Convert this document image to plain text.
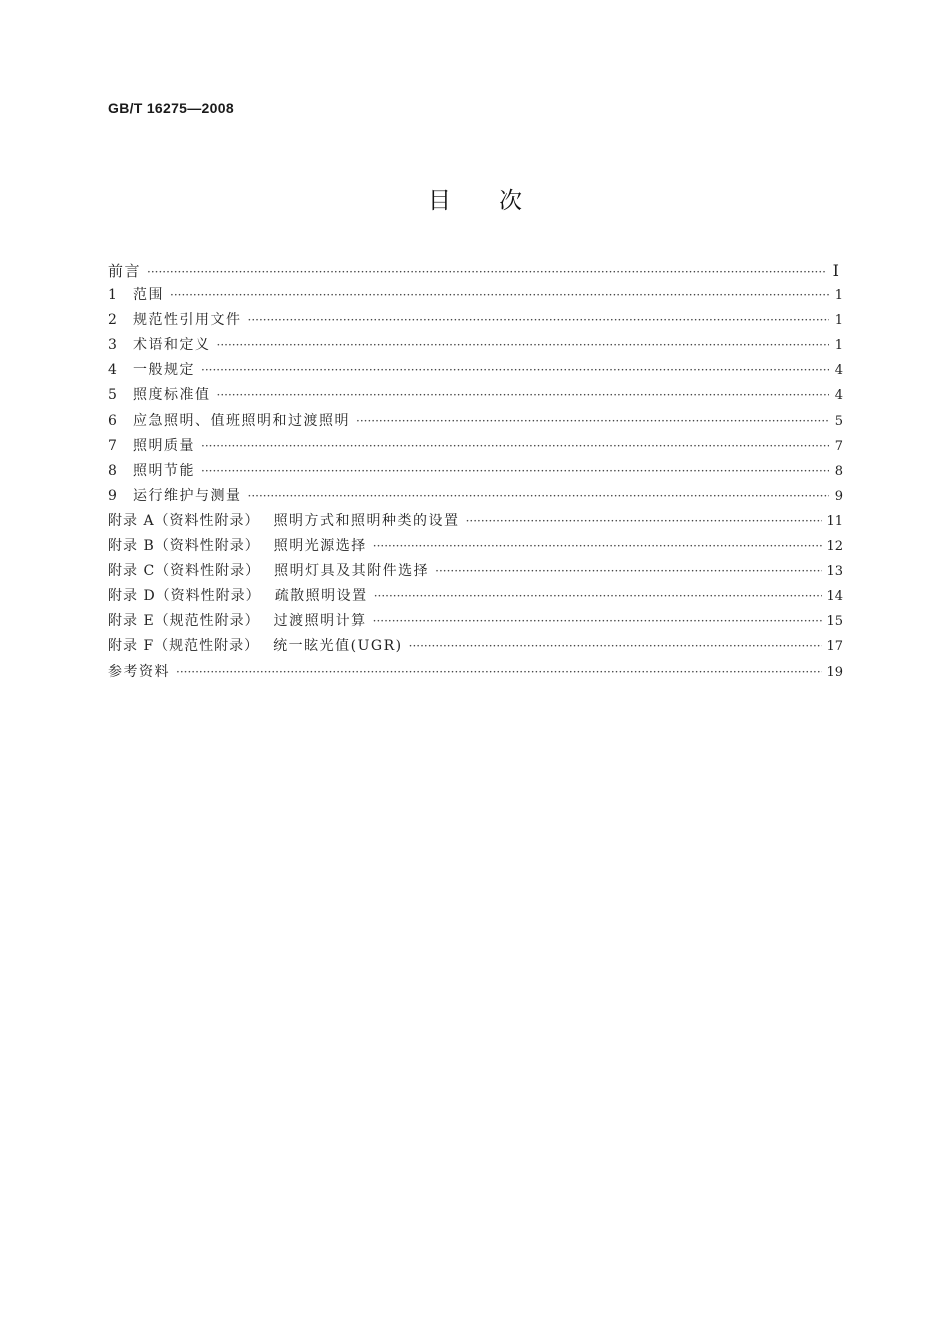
GB/T 16275—2008
目次
前言 ·····	Ⅰ
1	范围 ·····	1
2	规范性引用文件 ·····	1
3	术语和定义 ·····	1
4	一般规定 ·····	4
5	照度标准值 ·····	4
6	应急照明、值班照明和过渡照明 ·····	5
7	照明质量 ·····	7
8	照明节能 ·····	8
9	运行维护与测量 ·····	9
附录 A（资料性附录） 照明方式和照明种类的设置 ·····	11
附录 B（资料性附录） 照明光源选择 ·····	12
附录 C（资料性附录） 照明灯具及其附件选择 ·····	13
附录 D（资料性附录） 疏散照明设置 ·····	14
附录 E（规范性附录） 过渡照明计算 ·····	15
附录 F（规范性附录） 统一眩光值(UGR) ·····	17
参考资料 ·····	19
